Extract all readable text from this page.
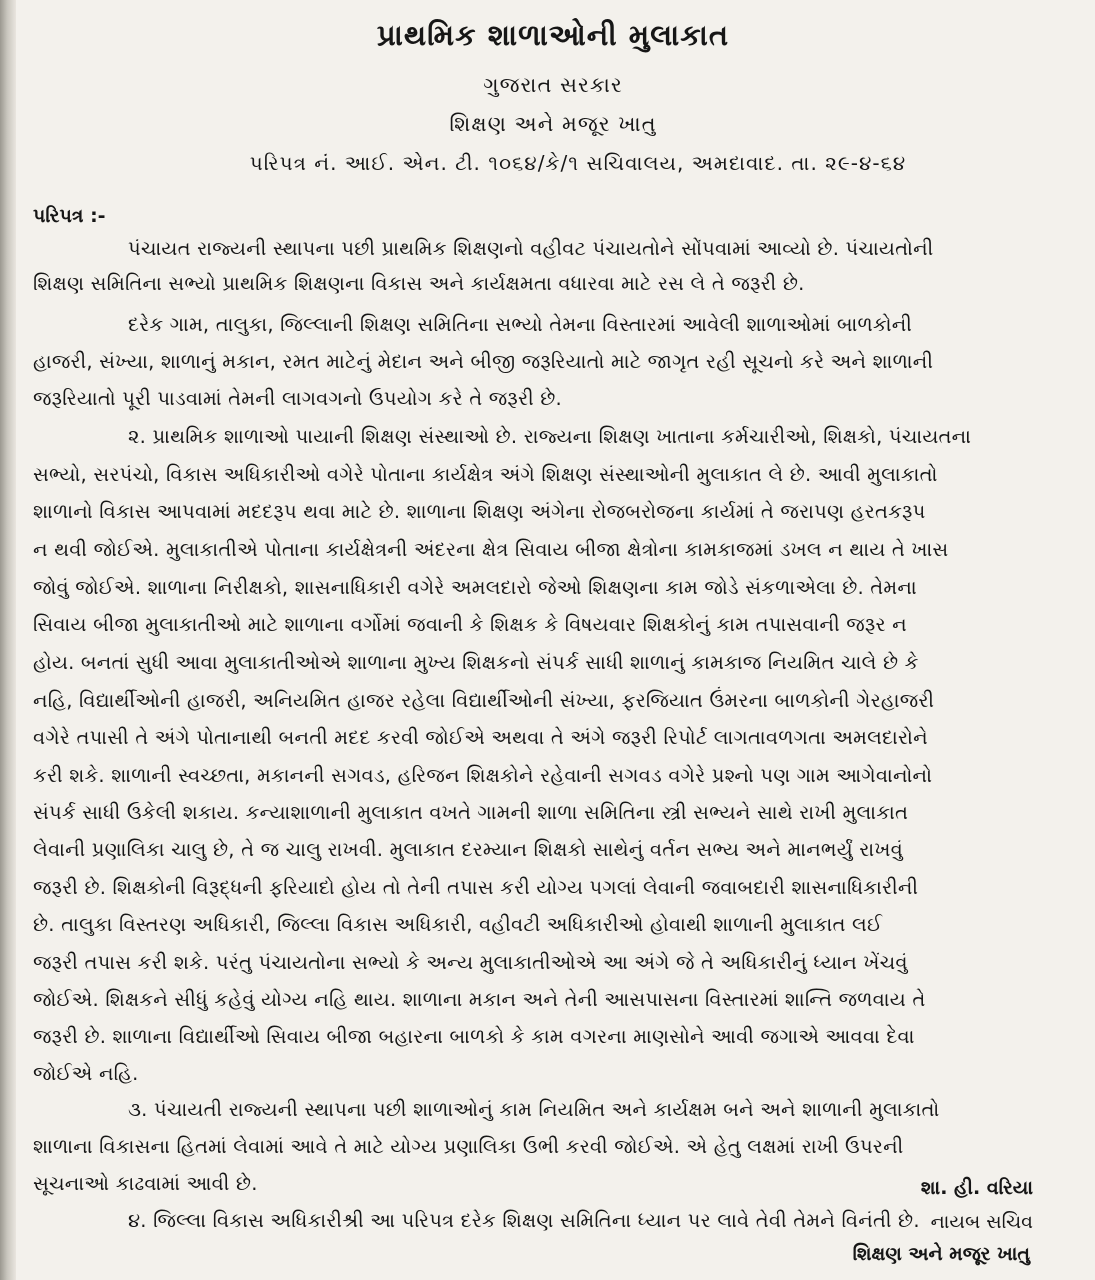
પ્રાથમિક શાળાઓની મુલાકાત
ગુજરાત સરકાર
શિક્ષણ અને મજૂર ખાતુ
પરિપત્ર નં. આઈ. એન. ટી. ૧૦૬૪/કે/૧ સચિવાલય, અમદાવાદ. તા. ૨૯-૪-૬૪
પરિપત્ર :-
પંચાયત રાજ્યની સ્થાપના પછી પ્રાથમિક શિક્ષણનો વહીવટ પંચાયતોને સોંપવામાં આવ્યો છે. પંચાયતોની
શિક્ષણ સમિતિના સભ્યો પ્રાથમિક શિક્ષણના વિકાસ અને કાર્યક્ષમતા વધારવા માટે રસ લે તે જરૂરી છે.
દરેક ગામ, તાલુકા, જિલ્લાની શિક્ષણ સમિતિના સભ્યો તેમના વિસ્તારમાં આવેલી શાળાઓમાં બાળકોની
હાજરી, સંખ્યા, શાળાનું મકાન, રમત માટેનું મેદાન અને બીજી જરૂરિયાતો માટે જાગૃત રહી સૂચનો કરે અને શાળાની
જરૂરિયાતો પૂરી પાડવામાં તેમની લાગવગનો ઉપયોગ કરે તે જરૂરી છે.
૨. પ્રાથમિક શાળાઓ પાયાની શિક્ષણ સંસ્થાઓ છે. રાજ્યના શિક્ષણ ખાતાના કર્મચારીઓ, શિક્ષકો, પંચાયતના
સભ્યો, સરપંચો, વિકાસ અધિકારીઓ વગેરે પોતાના કાર્યક્ષેત્ર અંગે શિક્ષણ સંસ્થાઓની મુલાકાત લે છે. આવી મુલાકાતો
શાળાનો વિકાસ આપવામાં મદદરૂપ થવા માટે છે. શાળાના શિક્ષણ અંગેના રોજબરોજના કાર્યમાં તે જરાપણ હરતકરૂપ
ન થવી જોઈએ. મુલાકાતીએ પોતાના કાર્યક્ષેત્રની અંદરના ક્ષેત્ર સિવાય બીજા ક્ષેત્રોના કામકાજમાં ડખલ ન થાય તે ખાસ
જોવું જોઈએ. શાળાના નિરીક્ષકો, શાસનાધિકારી વગેરે અમલદારો જેઓ શિક્ષણના કામ જોડે સંકળાએલા છે. તેમના
સિવાય બીજા મુલાકાતીઓ માટે શાળાના વર્ગોમાં જવાની કે શિક્ષક કે વિષયવાર શિક્ષકોનું કામ તપાસવાની જરૂર ન
હોય. બનતાં સુધી આવા મુલાકાતીઓએ શાળાના મુખ્ય શિક્ષકનો સંપર્ક સાધી શાળાનું કામકાજ નિયમિત ચાલે છે કે
નહિ, વિદ્યાર્થીઓની હાજરી, અનિયમિત હાજર રહેલા વિદ્યાર્થીઓની સંખ્યા, ફરજિયાત ઉંમરના બાળકોની ગેરહાજરી
વગેરે તપાસી તે અંગે પોતાનાથી બનતી મદદ કરવી જોઈએ અથવા તે અંગે જરૂરી રિપોર્ટ લાગતાવળગતા અમલદારોને
કરી શકે. શાળાની સ્વચ્છતા, મકાનની સગવડ, હરિજન શિક્ષકોને રહેવાની સગવડ વગેરે પ્રશ્નો પણ ગામ આગેવાનોનો
સંપર્ક સાધી ઉકેલી શકાય. કન્યાશાળાની મુલાકાત વખતે ગામની શાળા સમિતિના સ્ત્રી સભ્યને સાથે રાખી મુલાકાત
લેવાની પ્રણાલિકા ચાલુ છે, તે જ ચાલુ રાખવી. મુલાકાત દરમ્યાન શિક્ષકો સાથેનું વર્તન સભ્ય અને માનભર્યું રાખવું
જરૂરી છે. શિક્ષકોની વિરૂદ્ધની ફરિયાદો હોય તો તેની તપાસ કરી યોગ્ય પગલાં લેવાની જવાબદારી શાસનાધિકારીની
છે. તાલુકા વિસ્તરણ અધિકારી, જિલ્લા વિકાસ અધિકારી, વહીવટી અધિકારીઓ હોવાથી શાળાની મુલાકાત લઈ
જરૂરી તપાસ કરી શકે. પરંતુ પંચાયતોના સભ્યો કે અન્ય મુલાકાતીઓએ આ અંગે જે તે અધિકારીનું ધ્યાન ખેંચવું
જોઈએ. શિક્ષકને સીધું કહેવું યોગ્ય નહિ થાય. શાળાના મકાન અને તેની આસપાસના વિસ્તારમાં શાન્તિ જળવાય તે
જરૂરી છે. શાળાના વિદ્યાર્થીઓ સિવાય બીજા બહારના બાળકો કે કામ વગરના માણસોને આવી જગાએ આવવા દેવા
જોઈએ નહિ.
૩. પંચાયતી રાજ્યની સ્થાપના પછી શાળાઓનું કામ નિયમિત અને કાર્યક્ષમ બને અને શાળાની મુલાકાતો
શાળાના વિકાસના હિતમાં લેવામાં આવે તે માટે યોગ્ય પ્રણાલિકા ઉભી કરવી જોઈએ. એ હેતુ લક્ષમાં રાખી ઉપરની
સૂચનાઓ કાઢવામાં આવી છે.
૪. જિલ્લા વિકાસ અધિકારીશ્રી આ પરિપત્ર દરેક શિક્ષણ સમિતિના ધ્યાન પર લાવે તેવી તેમને વિનંતી છે.
શા. હી. વરિયા
નાયબ સચિવ
શિક્ષણ અને મજૂર ખાતુ
